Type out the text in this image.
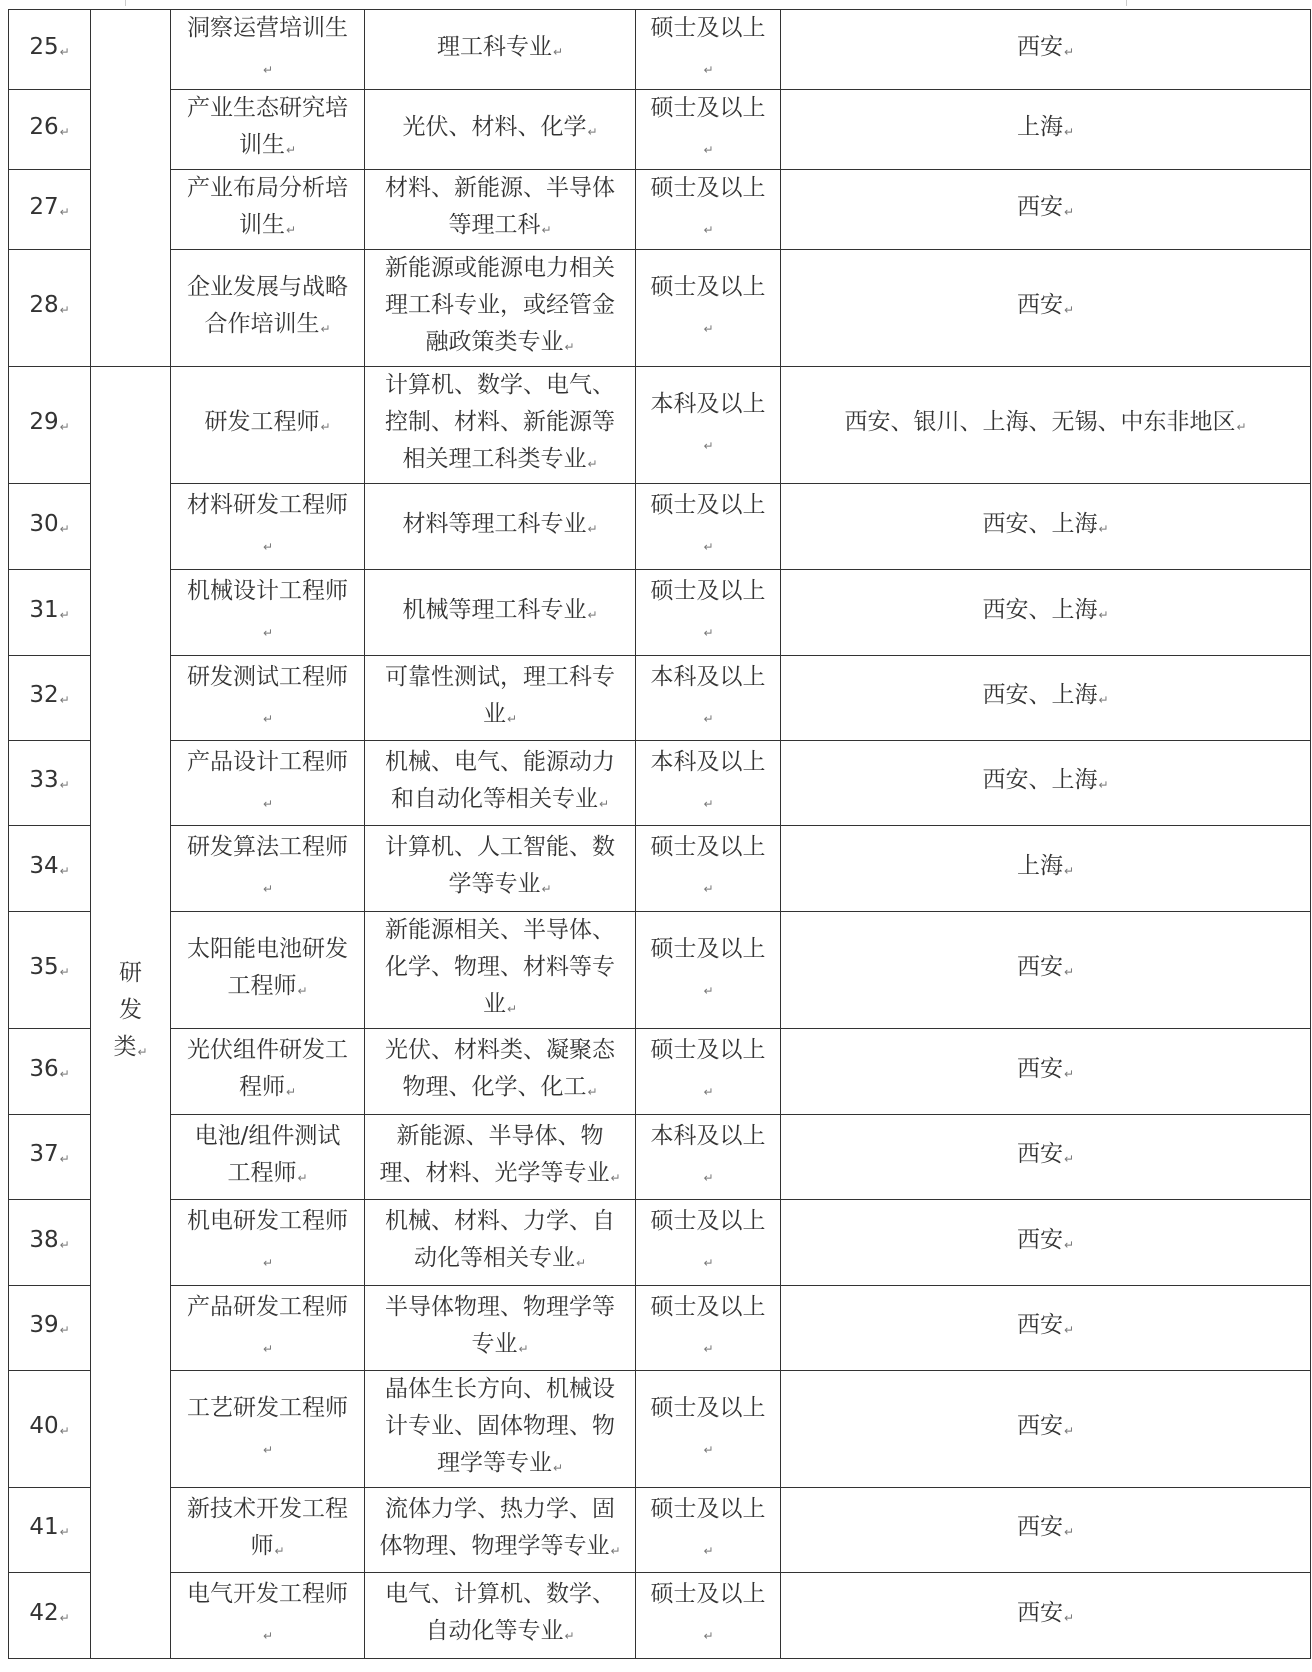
25↵		洞察运营培训生↵	理工科专业↵	硕士及以上↵	西安↵
26↵		产业生态研究培训生↵	光伏、材料、化学↵	硕士及以上↵	上海↵
27↵		产业布局分析培训生↵	材料、新能源、半导体等理工科↵	硕士及以上↵	西安↵
28↵		企业发展与战略合作培训生↵	新能源或能源电力相关理工科专业，或经管金融政策类专业↵	硕士及以上↵	西安↵
29↵	研发类↵	研发工程师↵	计算机、数学、电气、控制、材料、新能源等相关理工科类专业↵	本科及以上↵	西安、银川、上海、无锡、中东非地区↵
30↵		材料研发工程师↵	材料等理工科专业↵	硕士及以上↵	西安、上海↵
31↵		机械设计工程师↵	机械等理工科专业↵	硕士及以上↵	西安、上海↵
32↵		研发测试工程师↵	可靠性测试，理工科专业↵	本科及以上↵	西安、上海↵
33↵		产品设计工程师↵	机械、电气、能源动力和自动化等相关专业↵	本科及以上↵	西安、上海↵
34↵		研发算法工程师↵	计算机、人工智能、数学等专业↵	硕士及以上↵	上海↵
35↵		太阳能电池研发工程师↵	新能源相关、半导体、化学、物理、材料等专业↵	硕士及以上↵	西安↵
36↵		光伏组件研发工程师↵	光伏、材料类、凝聚态物理、化学、化工↵	硕士及以上↵	西安↵
37↵		电池/组件测试工程师↵	新能源、半导体、物理、材料、光学等专业↵	本科及以上↵	西安↵
38↵		机电研发工程师↵	机械、材料、力学、自动化等相关专业↵	硕士及以上↵	西安↵
39↵		产品研发工程师↵	半导体物理、物理学等专业↵	硕士及以上↵	西安↵
40↵		工艺研发工程师↵	晶体生长方向、机械设计专业、固体物理、物理学等专业↵	硕士及以上↵	西安↵
41↵		新技术开发工程师↵	流体力学、热力学、固体物理、物理学等专业↵	硕士及以上↵	西安↵
42↵		电气开发工程师↵	电气、计算机、数学、自动化等专业↵	硕士及以上↵	西安↵
